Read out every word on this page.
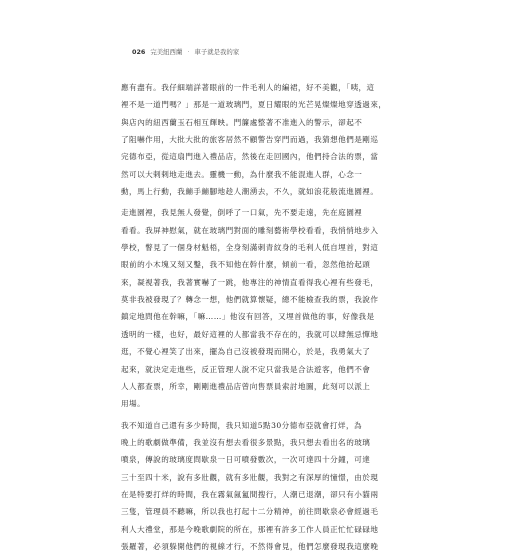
026 完美紐西蘭 · 車子就是我的家
應有盡有。我仔細端詳著眼前的一件毛利人的編裙，好不美觀，「咦，這
裡不是一道門嗎？」那是一道玻璃門，夏日耀眼的光芒晃燦燦地穿透過來，
與店內的紐西蘭玉石相互輝映。門簾處整著不准進入的警示，卻起不
了阻嚇作用，大批大批的旅客居然不顧警告穿門而過，我猜想他們是剛巡
完德布亞，從這扇門進入禮品店，然後在走回國內，他們持合法的票，當
然可以大剌剌地走進去。靈機一動，為什麼我不能混進人群，心念一
動，馬上行動，我繃手繃腳地趁人潮湧去，不久，就如浪花般流進園裡。
走進園裡，我見無人發覺，倒呼了一口氣，先不要走遠，先在庭園裡
看看。我屏神慰氣，就在玻璃門對面的雕刻藝術學校看看，我悄悄地步入
學校，瞥見了一個身材魁梧，全身刻滿刺青紋身的毛利人低自埋首，對這
眼前的小木塊又刻又鑿，我不知他在幹什麼，傾前一看，忽然他抬起頭
來，凝視著我，我著實嚇了一跳，他專注的神情直看得我心裡有些發毛，
莫非我被發現了？轉念一想，他們就算懷疑，總不能檢查我的票，我說作
鎮定地問他在幹嘛，「嘛……」他沒有回答，又埋首做他的事，好像我是
透明的一樣，也好，最好這裡的人都當我不存在的，我就可以肆無忌憚地
逛，不覺心裡笑了出來，擺為自己沒被發現而開心，於是，我勇氣大了
起來，就決定走進些，反正管理人說不定只當我是合法遊客，他們不會
人人都查票，所幸，剛剛進禮品店曾向售票員索討地圖，此刻可以派上
用場。
我不知道自己還有多少時間，我只知道5點30分德布亞就會打烊，為
晚上的歌劇做準備，我並沒有想去看很多景點，我只想去看出名的玻璃
噴泉，傳說的玻璃度問歇泉一日可噴發數次，一次可達四十分鐘，可達
三十至四十米，說有多壯觀，就有多壯觀，我對之有深厚的憧憬，由於現
在是特要打烊的時間，我在霧氣氤氳間搜行，人潮已退潮，卻只有小貓兩
三隻，管理員不聽嘛，所以我也打起十二分精神，前往問歇泉必會經過毛
利人大禮堂，那是今晚歌劇院的所在，那裡有許多工作人員正忙忙碌碌地
張羅著，必須躲開他們的視線才行，不然得會見，他們怎麼發現我這麼晚
